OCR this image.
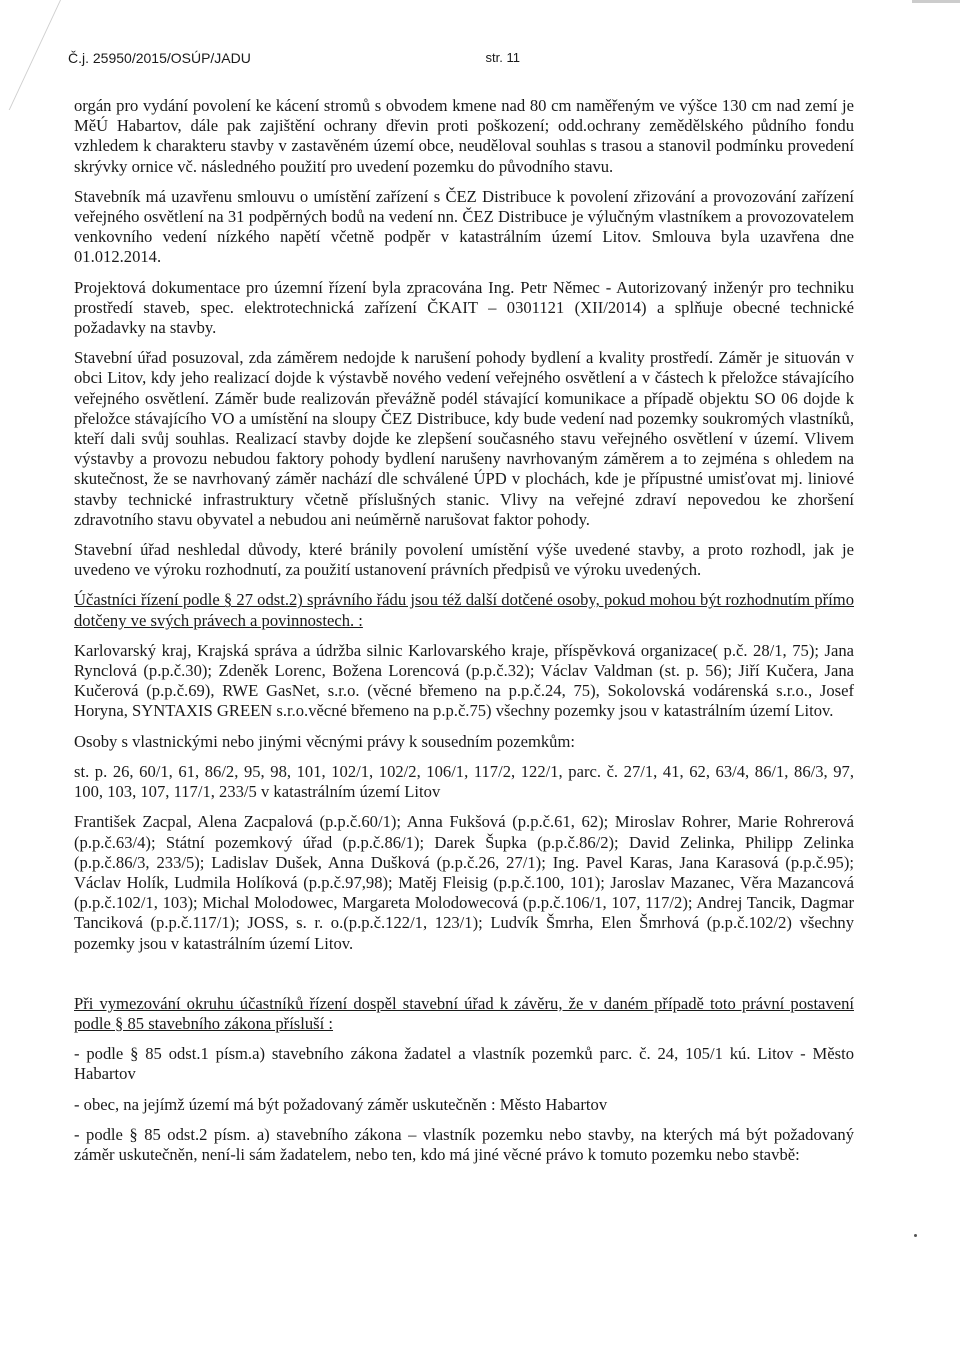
Č.j. 25950/2015/OSÚP/JADU	str. 11

orgán pro vydání povolení ke kácení stromů s obvodem kmene nad 80 cm naměřeným ve výšce 130 cm nad zemí je MěÚ Habartov, dále pak zajištění ochrany dřevin proti poškození; odd.ochrany zemědělského půdního fondu vzhledem k charakteru stavby v zastavěném území obce, neuděloval souhlas s trasou a stanovil podmínku provedení skrývky ornice vč. následného použití pro uvedení pozemku do původního stavu.

Stavebník má uzavřenu smlouvu o umístění zařízení s ČEZ Distribuce k povolení zřizování a provozování zařízení veřejného osvětlení na 31 podpěrných bodů na vedení nn. ČEZ Distribuce je výlučným vlastníkem a provozovatelem venkovního vedení nízkého napětí včetně podpěr v katastrálním území Litov. Smlouva byla uzavřena dne 01.012.2014.

Projektová dokumentace pro územní řízení byla zpracována Ing. Petr Němec - Autorizovaný inženýr pro techniku prostředí staveb, spec. elektrotechnická zařízení ČKAIT – 0301121 (XII/2014) a splňuje obecné technické požadavky na stavby.

Stavební úřad posuzoval, zda záměrem nedojde k narušení pohody bydlení a kvality prostředí. Záměr je situován v obci Litov, kdy jeho realizací dojde k výstavbě nového vedení veřejného osvětlení a v částech k přeložce stávajícího veřejného osvětlení. Záměr bude realizován převážně podél stávající komunikace a případě objektu SO 06 dojde k přeložce stávajícího VO a umístění na sloupy ČEZ Distribuce, kdy bude vedení nad pozemky soukromých vlastníků, kteří dali svůj souhlas. Realizací stavby dojde ke zlepšení současného stavu veřejného osvětlení v území. Vlivem výstavby a provozu nebudou faktory pohody bydlení narušeny navrhovaným záměrem a to zejména s ohledem na skutečnost, že se navrhovaný záměr nachází dle schválené ÚPD v plochách, kde je přípustné umisťovat mj. liniové stavby technické infrastruktury včetně příslušných stanic. Vlivy na veřejné zdraví nepovedou ke zhoršení zdravotního stavu obyvatel a nebudou ani neúměrně narušovat faktor pohody.

Stavební úřad neshledal důvody, které bránily povolení umístění výše uvedené stavby, a proto rozhodl, jak je uvedeno ve výroku rozhodnutí, za použití ustanovení právních předpisů ve výroku uvedených.

Účastníci řízení podle § 27 odst.2) správního řádu jsou též další dotčené osoby, pokud mohou být rozhodnutím přímo dotčeny ve svých právech a povinnostech. :

Karlovarský kraj, Krajská správa a údržba silnic Karlovarského kraje, příspěvková organizace( p.č. 28/1, 75); Jana Ryncl​ová (p.p.č.30); Zdeněk Lorenc, Božena Lorencová (p.p.č.32); Václav Valdman (st. p. 56); Jiří Kučera, Jana Kučerová (p.p.č.69), RWE GasNet, s.r.o. (věcné břemeno na p.p.č.24, 75), Sokolovská vodárenská s.r.o., Josef Horyna, SYNTAXIS GREEN s.r.o.věcné břemeno na p.p.č.75) všechny pozemky jsou v katastrálním území Litov.

Osoby s vlastnickými nebo jinými věcnými právy k sousedním pozemkům:

st. p. 26, 60/1, 61, 86/2, 95, 98, 101, 102/1, 102/2, 106/1, 117/2, 122/1, parc. č. 27/1, 41, 62, 63/4, 86/1, 86/3, 97, 100, 103, 107, 117/1, 233/5 v katastrálním území Litov

František Zacpal, Alena Zacpalová (p.p.č.60/1); Anna Fukšová (p.p.č.61, 62); Miroslav Rohrer, Marie Rohrerová (p.p.č.63/4); Státní pozemkový úřad (p.p.č.86/1); Darek Šupka (p.p.č.86/2); David Zelinka, Philipp Zelinka (p.p.č.86/3, 233/5); Ladislav Dušek, Anna Dušková (p.p.č.26, 27/1); Ing. Pavel Karas, Jana Karasová (p.p.č.95); Václav Holík, Ludmila Holíková (p.p.č.97,98); Matěj Fleisig (p.p.č.100, 101); Jaroslav Mazanec, Věra Mazancová (p.p.č.102/1, 103); Michal Molodowec, Margareta Molodowecová (p.p.č.106/1, 107, 117/2); Andrej Tancik, Dagmar Tanciková (p.p.č.117/1); JOSS, s. r. o.(p.p.č.122/1, 123/1); Ludvík Šmrha, Elen Šmrhová (p.p.č.102/2) všechny pozemky jsou v katastrálním území Litov.

Při vymezování okruhu účastníků řízení dospěl stavební úřad k závěru, že v daném případě toto právní postavení podle § 85 stavebního zákona přísluší :

- podle § 85 odst.1 písm.a) stavebního zákona žadatel a vlastník pozemků parc. č. 24, 105/1 kú. Litov - Město Habartov

- obec, na jejímž území má být požadovaný záměr uskutečněn : Město Habartov

- podle § 85 odst.2 písm. a) stavebního zákona – vlastník pozemku nebo stavby, na kterých má být požadovaný záměr uskutečněn, není-li sám žadatelem, nebo ten, kdo má jiné věcné právo k tomuto pozemku nebo stavbě:
